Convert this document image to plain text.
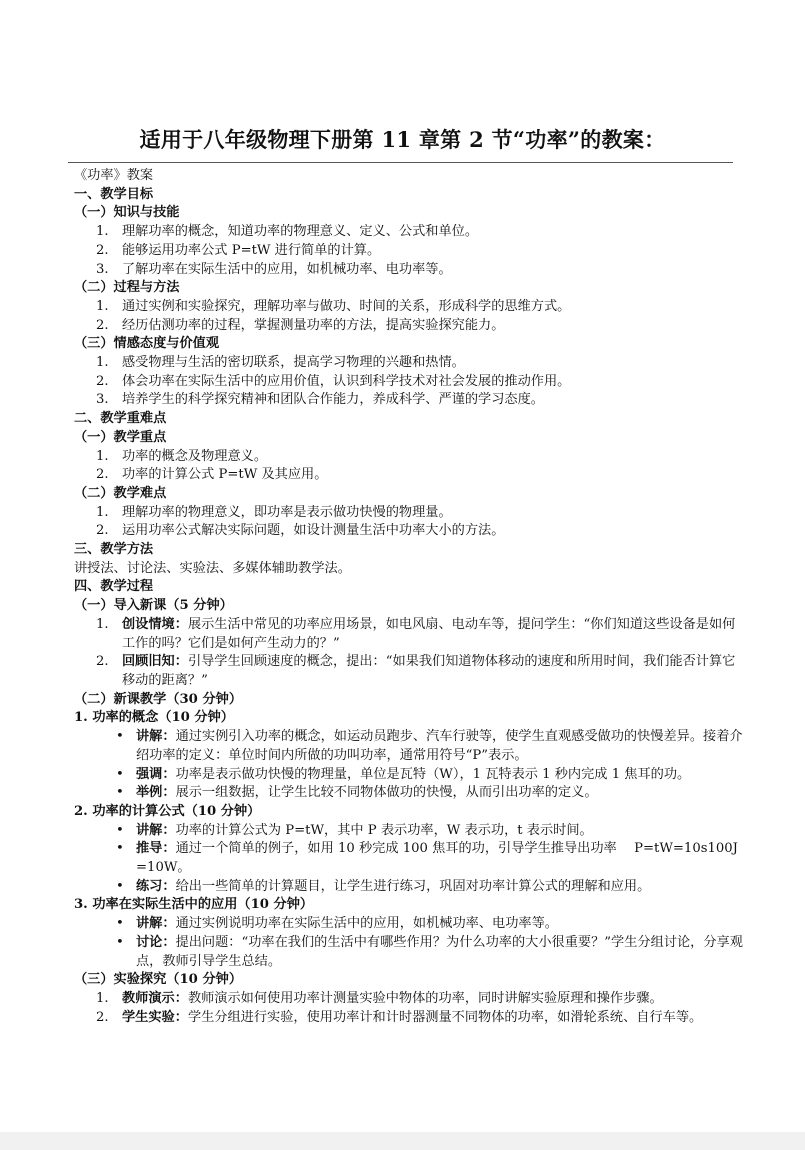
适用于八年级物理下册第 11 章第 2 节“功率”的教案：
《功率》教案
一、教学目标
（一）知识与技能
1.	理解功率的概念，知道功率的物理意义、定义、公式和单位。
2.	能够运用功率公式 P=tW 进行简单的计算。
3.	了解功率在实际生活中的应用，如机械功率、电功率等。
（二）过程与方法
1.	通过实例和实验探究，理解功率与做功、时间的关系，形成科学的思维方式。
2.	经历估测功率的过程，掌握测量功率的方法，提高实验探究能力。
（三）情感态度与价值观
1.	感受物理与生活的密切联系，提高学习物理的兴趣和热情。
2.	体会功率在实际生活中的应用价值，认识到科学技术对社会发展的推动作用。
3.	培养学生的科学探究精神和团队合作能力，养成科学、严谨的学习态度。
二、教学重难点
（一）教学重点
1.	功率的概念及物理意义。
2.	功率的计算公式 P=tW 及其应用。
（二）教学难点
1.	理解功率的物理意义，即功率是表示做功快慢的物理量。
2.	运用功率公式解决实际问题，如设计测量生活中功率大小的方法。
三、教学方法
讲授法、讨论法、实验法、多媒体辅助教学法。
四、教学过程
（一）导入新课（5 分钟）
1.	创设情境：展示生活中常见的功率应用场景，如电风扇、电动车等，提问学生：“你们知道这些设备是如何工作的吗？它们是如何产生动力的？”
2.	回顾旧知：引导学生回顾速度的概念，提出：“如果我们知道物体移动的速度和所用时间，我们能否计算它移动的距离？”
（二）新课教学（30 分钟）
1. 功率的概念（10 分钟）
• 讲解：通过实例引入功率的概念，如运动员跑步、汽车行驶等，使学生直观感受做功的快慢差异。接着介绍功率的定义：单位时间内所做的功叫功率，通常用符号“P”表示。
• 强调：功率是表示做功快慢的物理量，单位是瓦特（W），1 瓦特表示 1 秒内完成 1 焦耳的功。
• 举例：展示一组数据，让学生比较不同物体做功的快慢，从而引出功率的定义。
2. 功率的计算公式（10 分钟）
• 讲解：功率的计算公式为 P=tW，其中 P 表示功率，W 表示功，t 表示时间。
• 推导：通过一个简单的例子，如用 10 秒完成 100 焦耳的功，引导学生推导出功率　 P=tW=10s100J =10W。
• 练习：给出一些简单的计算题目，让学生进行练习，巩固对功率计算公式的理解和应用。
3. 功率在实际生活中的应用（10 分钟）
• 讲解：通过实例说明功率在实际生活中的应用，如机械功率、电功率等。
• 讨论：提出问题：“功率在我们的生活中有哪些作用？为什么功率的大小很重要？”学生分组讨论，分享观点，教师引导学生总结。
（三）实验探究（10 分钟）
1.	教师演示：教师演示如何使用功率计测量实验中物体的功率，同时讲解实验原理和操作步骤。
2.	学生实验：学生分组进行实验，使用功率计和计时器测量不同物体的功率，如滑轮系统、自行车等。
